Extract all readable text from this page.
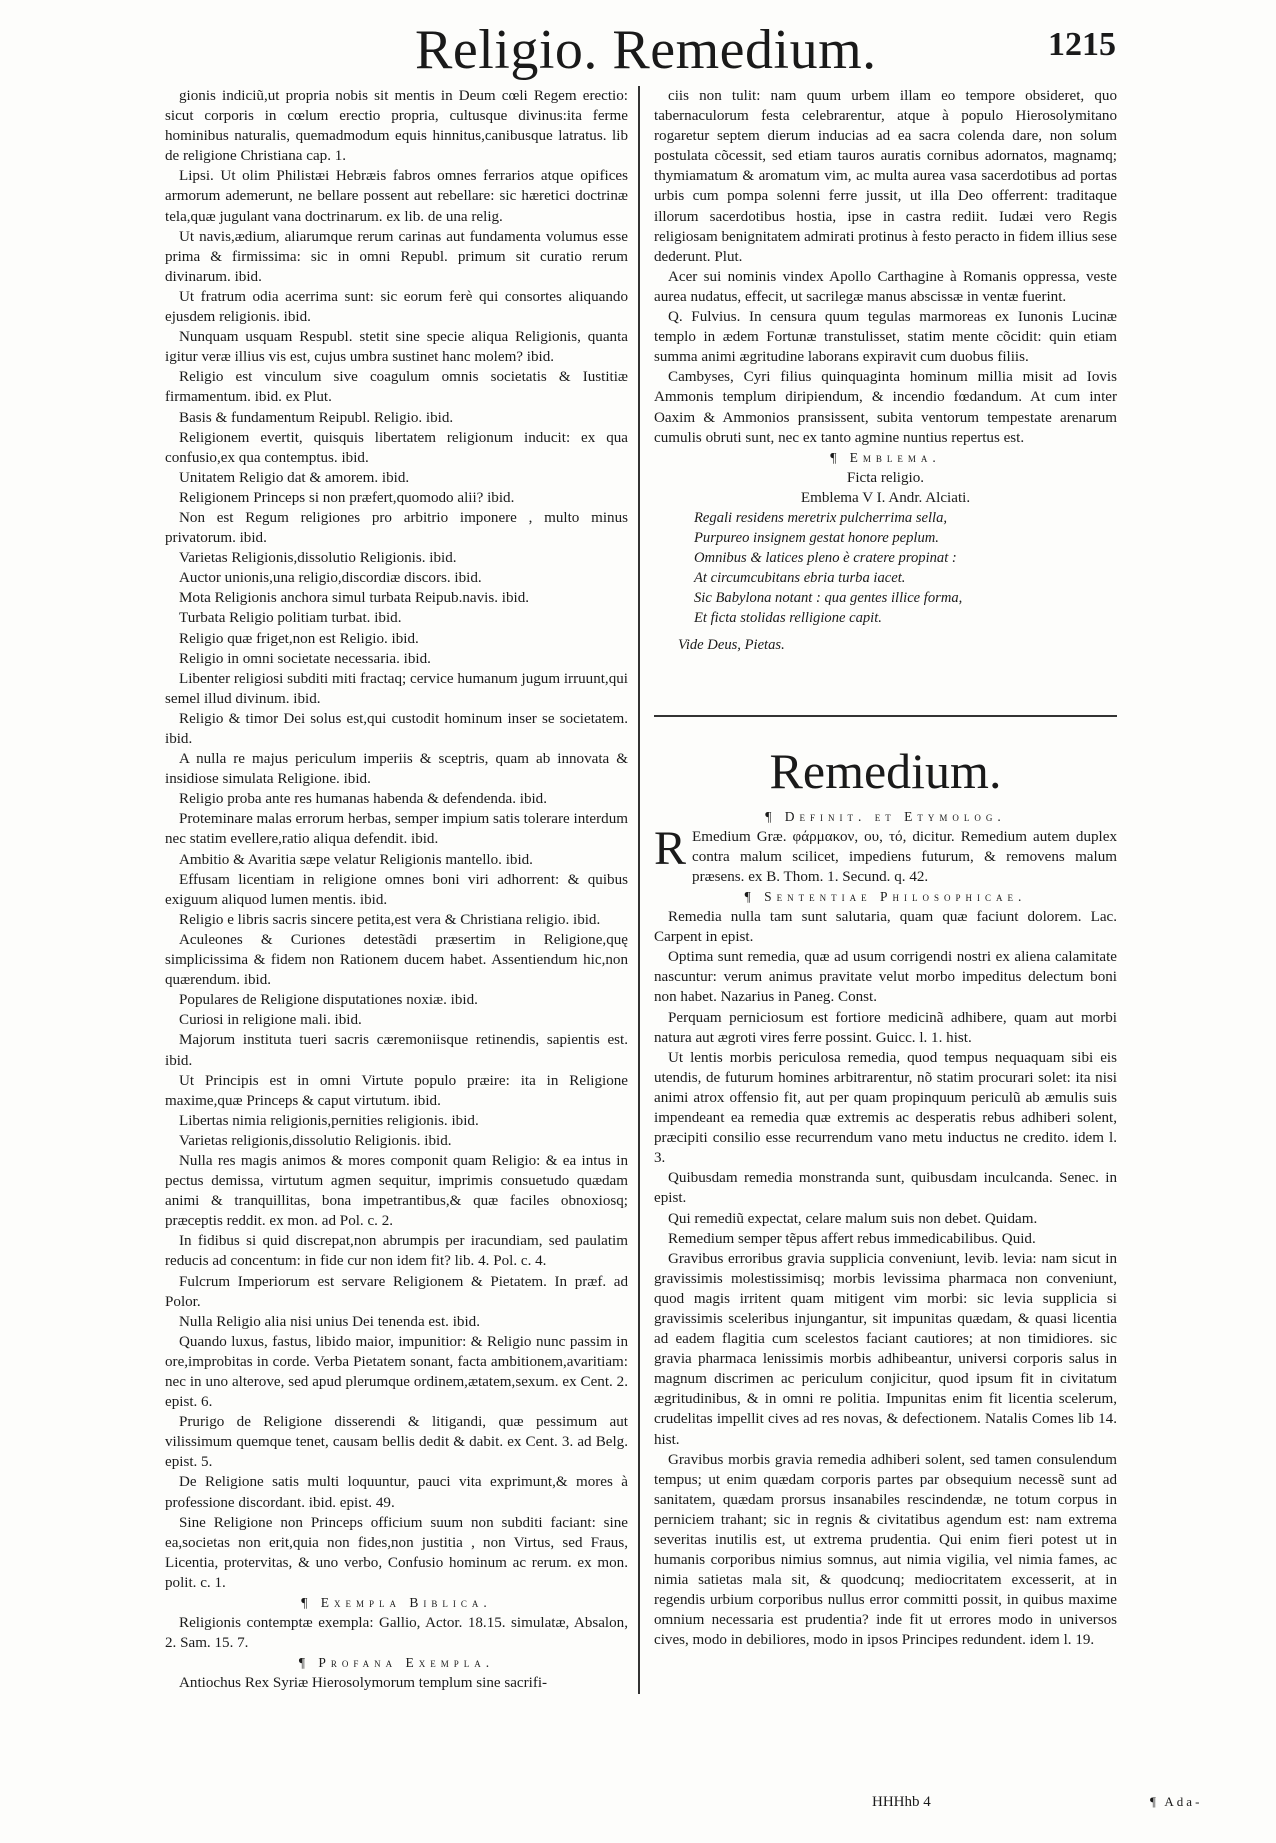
Religio. Remedium.	1215

gionis indiciũ,ut propria nobis sit mentis in Deum cœli Regem erectio: sicut corporis in cœlum erectio propria, cultusque divinus:ita ferme hominibus naturalis, quemadmodum equis hinnitus,canibusque latratus. lib de religione Christiana cap. 1.

Lipsi. Ut olim Philistæi Hebræis fabros omnes ferrarios atque opifices armorum ademerunt, ne bellare possent aut rebellare: sic hæretici doctrinæ tela,quæ jugulant vana doctrinarum. ex lib. de una relig.

Ut navis,ædium, aliarumque rerum carinas aut fundamenta volumus esse prima & firmissima: sic in omni Republ. primum sit curatio rerum divinarum. ibid.

Ut fratrum odia acerrima sunt: sic eorum ferè qui consortes aliquando ejusdem religionis. ibid.

Nunquam usquam Respubl. stetit sine specie aliqua Religionis, quanta igitur veræ illius vis est, cujus umbra sustinet hanc molem? ibid.

Religio est vinculum sive coagulum omnis societatis & Iustitiæ firmamentum. ibid. ex Plut.

Basis & fundamentum Reipubl. Religio. ibid.

Religionem evertit, quisquis libertatem religionum inducit: ex qua confusio,ex qua contemptus. ibid.

Unitatem Religio dat & amorem. ibid.

Religionem Princeps si non præfert,quomodo alii? ibid.

Non est Regum religiones pro arbitrio imponere , multo minus privatorum. ibid.

Varietas Religionis,dissolutio Religionis. ibid.

Auctor unionis,una religio,discordiæ discors. ibid.

Mota Religionis anchora simul turbata Reipub.navis. ibid.

Turbata Religio politiam turbat. ibid.

Religio quæ friget,non est Religio. ibid.

Religio in omni societate necessaria. ibid.

Libenter religiosi subditi miti fractaq; cervice humanum jugum irruunt,qui semel illud divinum. ibid.

Religio & timor Dei solus est,qui custodit hominum inser se societatem. ibid.

A nulla re majus periculum imperiis & sceptris, quam ab innovata & insidiose simulata Religione. ibid.

Religio proba ante res humanas habenda & defendenda. ibid.

Proteminare malas errorum herbas, semper impium satis tolerare interdum nec statim evellere,ratio aliqua defendit. ibid.

Ambitio & Avaritia sæpe velatur Religionis mantello. ibid.

Effusam licentiam in religione omnes boni viri adhorrent: & quibus exiguum aliquod lumen mentis. ibid.

Religio e libris sacris sincere petita,est vera & Christiana religio. ibid.

Aculeones & Curiones detestãdi præsertim in Religione,quę simplicissima & fidem non Rationem ducem habet. Assentiendum hic,non quærendum. ibid.

Populares de Religione disputationes noxiæ. ibid.

Curiosi in religione mali. ibid.

Majorum instituta tueri sacris cæremoniisque retinendis, sapientis est. ibid.

Ut Principis est in omni Virtute populo præire: ita in Religione maxime,quæ Princeps & caput virtutum. ibid.

Libertas nimia religionis,pernities religionis. ibid.

Varietas religionis,dissolutio Religionis. ibid.

Nulla res magis animos & mores componit quam Religio: & ea intus in pectus demissa, virtutum agmen sequitur, imprimis consuetudo quædam animi & tranquillitas, bona impetrantibus,& quæ faciles obnoxiosq; præceptis reddit. ex mon. ad Pol. c. 2.

In fidibus si quid discrepat,non abrumpis per iracundiam, sed paulatim reducis ad concentum: in fide cur non idem fit? lib. 4. Pol. c. 4.

Fulcrum Imperiorum est servare Religionem & Pietatem. In præf. ad Polor.

Nulla Religio alia nisi unius Dei tenenda est. ibid.

Quando luxus, fastus, libido maior, impunitior: & Religio nunc passim in ore,improbitas in corde. Verba Pietatem sonant, facta ambitionem,avaritiam: nec in uno alterove, sed apud plerumque ordinem,ætatem,sexum. ex Cent. 2. epist. 6.

Prurigo de Religione disserendi & litigandi, quæ pessimum aut vilissimum quemque tenet, causam bellis dedit & dabit. ex Cent. 3. ad Belg. epist. 5.

De Religione satis multi loquuntur, pauci vita exprimunt,& mores à professione discordant. ibid. epist. 49.

Sine Religione non Princeps officium suum non subditi faciant: sine ea,societas non erit,quia non fides,non justitia , non Virtus, sed Fraus, Licentia, protervitas, & uno verbo, Confusio hominum ac rerum. ex mon. polit. c. 1.

¶ Exempla Biblica.

Religionis contemptæ exempla: Gallio, Actor. 18.15. simulatæ, Absalon, 2. Sam. 15. 7.

¶ Profana Exempla.

Antiochus Rex Syriæ Hierosolymorum templum sine sacrifi-

ciis non tulit: nam quum urbem illam eo tempore obsideret, quo tabernaculorum festa celebrarentur, atque à populo Hierosolymitano rogaretur septem dierum inducias ad ea sacra colenda dare, non solum postulata cõcessit, sed etiam tauros auratis cornibus adornatos, magnamq; thymiamatum & aromatum vim, ac multa aurea vasa sacerdotibus ad portas urbis cum pompa solenni ferre jussit, ut illa Deo offerrent: traditaque illorum sacerdotibus hostia, ipse in castra rediit. Iudæi vero Regis religiosam benignitatem admirati protinus à festo peracto in fidem illius sese dederunt. Plut.

Acer sui nominis vindex Apollo Carthagine à Romanis oppressa, veste aurea nudatus, effecit, ut sacrilegæ manus abscissæ in ventæ fuerint.

Q. Fulvius. In censura quum tegulas marmoreas ex Iunonis Lucinæ templo in ædem Fortunæ transtulisset, statim mente cõcidit: quin etiam summa animi ægritudine laborans expiravit cum duobus filiis.

Cambyses, Cyri filius quinquaginta hominum millia misit ad Iovis Ammonis templum diripiendum, & incendio fœdandum. At cum inter Oaxim & Ammonios pransissent, subita ventorum tempestate arenarum cumulis obruti sunt, nec ex tanto agmine nuntius repertus est.

¶ Emblema.

Ficta religio.

Emblema V I. Andr. Alciati.

Regali residens meretrix pulcherrima sella,

Purpureo insignem gestat honore peplum.

Omnibus & latices pleno è cratere propinat :

At circumcubitans ebria turba iacet.

Sic Babylona notant : qua gentes illice forma,

Et ficta stolidas relligione capit.

Vide Deus, Pietas.

Remedium.

¶ Definit. et Etymolog.

R Emedium Græ. φάρμακον, ου, τό, dicitur. Remedium autem duplex contra malum scilicet, impediens futurum, & removens malum præsens. ex B. Thom. 1. Secund. q. 42.

¶ Sententiae Philosophicae.

Remedia nulla tam sunt salutaria, quam quæ faciunt dolorem. Lac. Carpent in epist.

Optima sunt remedia, quæ ad usum corrigendi nostri ex aliena calamitate nascuntur: verum animus pravitate velut morbo impeditus delectum boni non habet. Nazarius in Paneg. Const.

Perquam perniciosum est fortiore medicinã adhibere, quam aut morbi natura aut ægroti vires ferre possint. Guicc. l. 1. hist.

Ut lentis morbis periculosa remedia, quod tempus nequaquam sibi eis utendis, de futurum homines arbitrarentur, nõ statim procurari solet: ita nisi animi atrox offensio fit, aut per quam propinquum periculũ ab æmulis suis impendeant ea remedia quæ extremis ac desperatis rebus adhiberi solent, præcipiti consilio esse recurrendum vano metu inductus ne credito. idem l. 3.

Quibusdam remedia monstranda sunt, quibusdam inculcanda. Senec. in epist.

Qui remediũ expectat, celare malum suis non debet. Quidam.

Remedium semper tẽpus affert rebus immedicabilibus. Quid.

Gravibus erroribus gravia supplicia conveniunt, levib. levia: nam sicut in gravissimis molestissimisq; morbis levissima pharmaca non conveniunt, quod magis irritent quam mitigent vim morbi: sic levia supplicia si gravissimis sceleribus injungantur, sit impunitas quædam, & quasi licentia ad eadem flagitia cum scelestos faciant cautiores; at non timidiores. sic gravia pharmaca lenissimis morbis adhibeantur, universi corporis salus in magnum discrimen ac periculum conjicitur, quod ipsum fit in civitatum ægritudinibus, & in omni re politia. Impunitas enim fit licentia scelerum, crudelitas impellit cives ad res novas, & defectionem. Natalis Comes lib 14. hist.

Gravibus morbis gravia remedia adhiberi solent, sed tamen consulendum tempus; ut enim quædam corporis partes par obsequium necessẽ sunt ad sanitatem, quædam prorsus insanabiles rescindendæ, ne totum corpus in perniciem trahant; sic in regnis & civitatibus agendum est: nam extrema severitas inutilis est, ut extrema prudentia. Qui enim fieri potest ut in humanis corporibus nimius somnus, aut nimia vigilia, vel nimia fames, ac nimia satietas mala sit, & quodcunq; mediocritatem excesserit, at in regendis urbium corporibus nullus error committi possit, in quibus maxime omnium necessaria est prudentia? inde fit ut errores modo in universos cives, modo in debiliores, modo in ipsos Principes redundent. idem l. 19.

HHHhb 4	¶ Ada-
